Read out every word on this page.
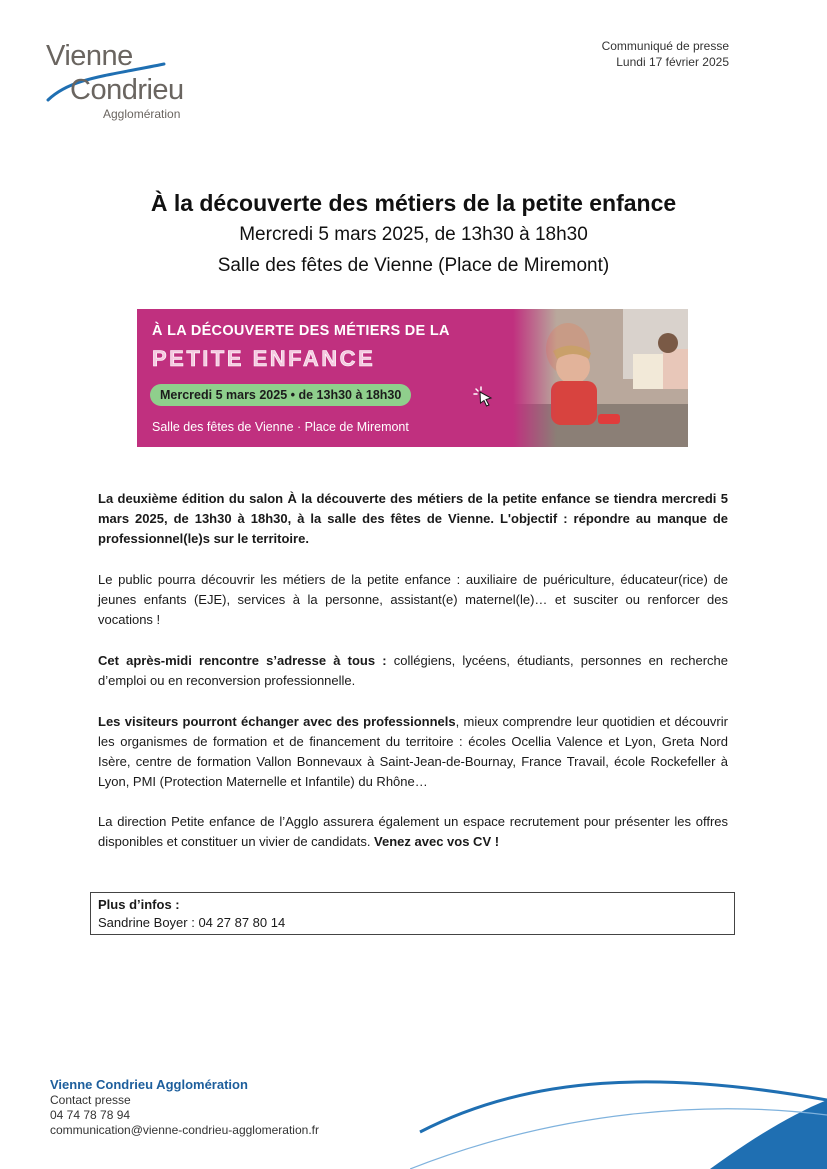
Vienne
Condrieu
Agglomération
Communiqué de presse
Lundi 17 février 2025
À la découverte des métiers de la petite enfance
Mercredi 5 mars 2025, de 13h30 à 18h30
Salle des fêtes de Vienne (Place de Miremont)
À LA DÉCOUVERTE DES MÉTIERS DE LA
PETITE ENFANCE
Mercredi 5 mars 2025 • de 13h30 à 18h30
Salle des fêtes de Vienne · Place de Miremont
La deuxième édition du salon À la découverte des métiers de la petite enfance se tiendra mercredi 5 mars 2025, de 13h30 à 18h30, à la salle des fêtes de Vienne. L'objectif : répondre au manque de professionnel(le)s sur le territoire.
Le public pourra découvrir les métiers de la petite enfance : auxiliaire de puériculture, éducateur(rice) de jeunes enfants (EJE), services à la personne, assistant(e) maternel(le)… et susciter ou renforcer des vocations !
Cet après-midi rencontre s’adresse à tous : collégiens, lycéens, étudiants, personnes en recherche d’emploi ou en reconversion professionnelle.
Les visiteurs pourront échanger avec des professionnels, mieux comprendre leur quotidien et découvrir les organismes de formation et de financement du territoire : écoles Ocellia Valence et Lyon, Greta Nord Isère, centre de formation Vallon Bonnevaux à Saint-Jean-de-Bournay, France Travail, école Rockefeller à Lyon, PMI (Protection Maternelle et Infantile) du Rhône…
La direction Petite enfance de l’Agglo assurera également un espace recrutement pour présenter les offres disponibles et constituer un vivier de candidats. Venez avec vos CV !
Plus d’infos :
Sandrine Boyer : 04 27 87 80 14
Vienne Condrieu Agglomération
Contact presse
04 74 78 78 94
communication@vienne-condrieu-agglomeration.fr
